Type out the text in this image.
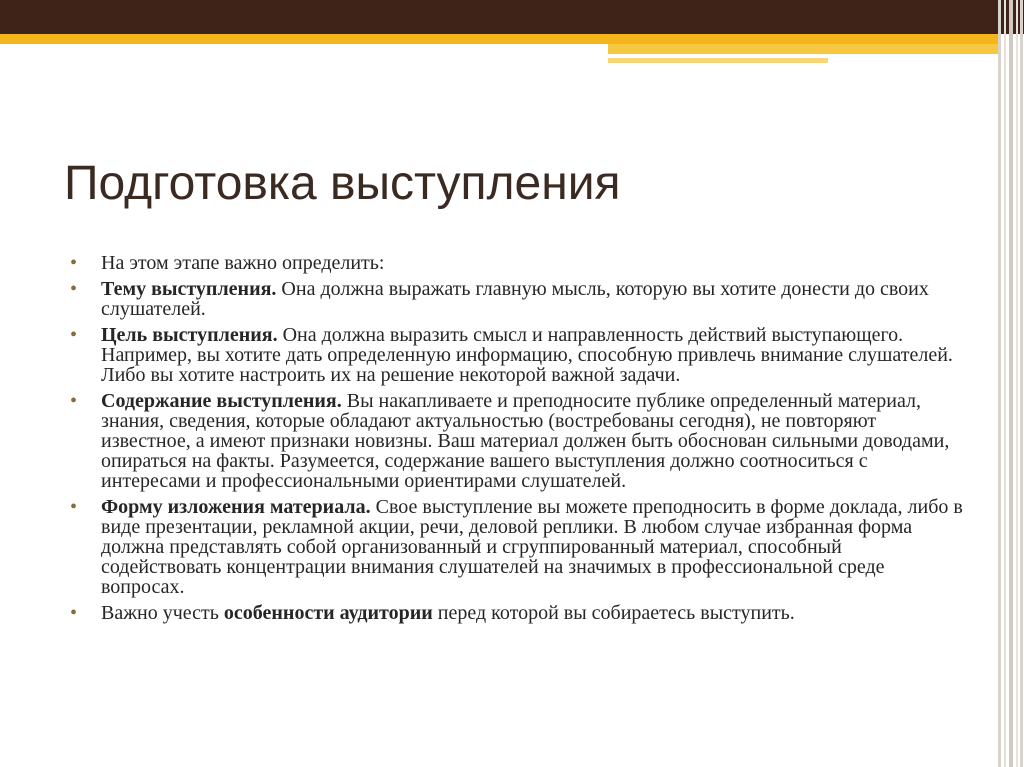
Подготовка выступления
• На этом этапе важно определить:
• Тему выступления. Она должна выражать главную мысль, которую вы хотите донести до своих слушателей.
• Цель выступления. Она должна выразить смысл и направленность действий выступающего. Например, вы хотите дать определенную информацию, способную привлечь внимание слушателей. Либо вы хотите настроить их на решение некоторой важной задачи.
• Содержание выступления. Вы накапливаете и преподносите публике определенный материал, знания, сведения, которые обладают актуальностью (востребованы сегодня), не повторяют известное, а имеют признаки новизны. Ваш материал должен быть обоснован сильными доводами, опираться на факты. Разумеется, содержание вашего выступления должно соотноситься с интересами и профессиональными ориентирами слушателей.
• Форму изложения материала. Свое выступление вы можете преподносить в форме доклада, либо в виде презентации, рекламной акции, речи, деловой реплики. В любом случае избранная форма должна представлять собой организованный и сгруппированный материал, способный содействовать концентрации внимания слушателей на значимых в профессиональной среде вопросах.
• Важно учесть особенности аудитории перед которой вы собираетесь выступить.
